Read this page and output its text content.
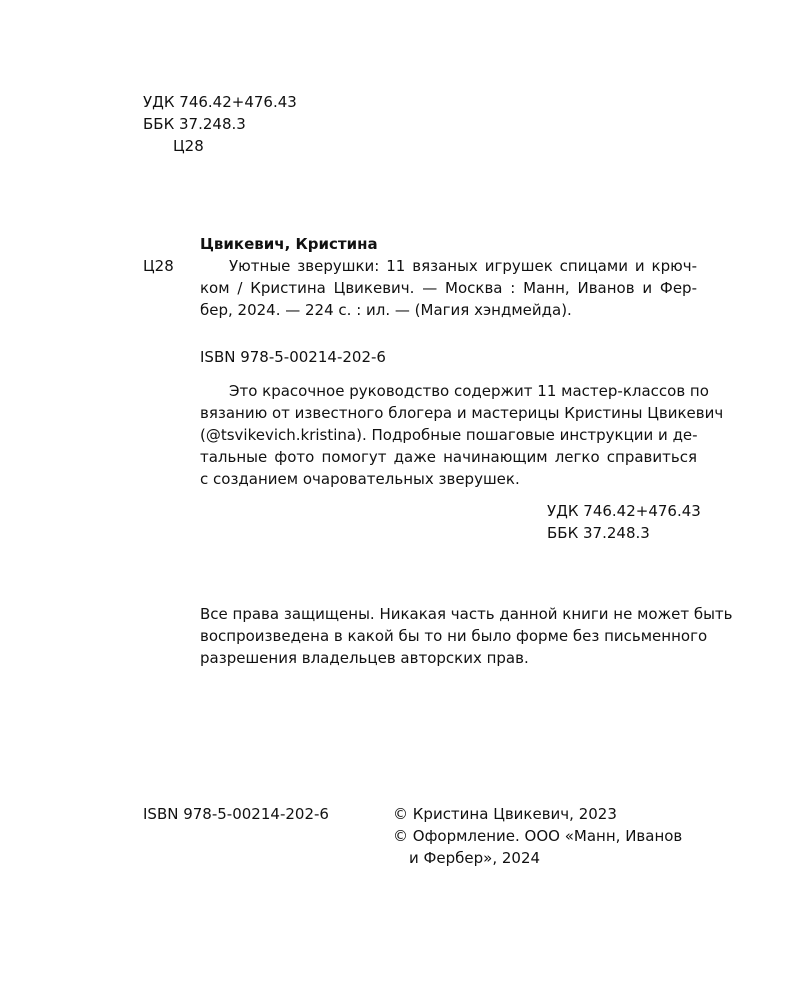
УДК 746.42+476.43

ББК 37.248.3

Ц28

Цвикевич, Кристина

Ц28	Уютные зверушки: 11 вязаных игрушек спицами и крюч-
ком / Кристина Цвикевич. — Москва : Манн, Иванов и Фер-
бер, 2024. — 224 с. : ил. — (Магия хэндмейда).

ISBN 978-5-00214-202-6

Это красочное руководство содержит 11 мастер-классов по
вязанию от известного блогера и мастерицы Кристины Цвикевич
(@tsvikevich.kristina). Подробные пошаговые инструкции и де-
тальные фото помогут даже начинающим легко справиться
с созданием очаровательных зверушек.

УДК 746.42+476.43

ББК 37.248.3

Все права защищены. Никакая часть данной книги не может быть
воспроизведена в какой бы то ни было форме без письменного
разрешения владельцев авторских прав.

ISBN 978-5-00214-202-6	© Кристина Цвикевич, 2023

© Оформление. ООО «Манн, Иванов

и Фербер», 2024
